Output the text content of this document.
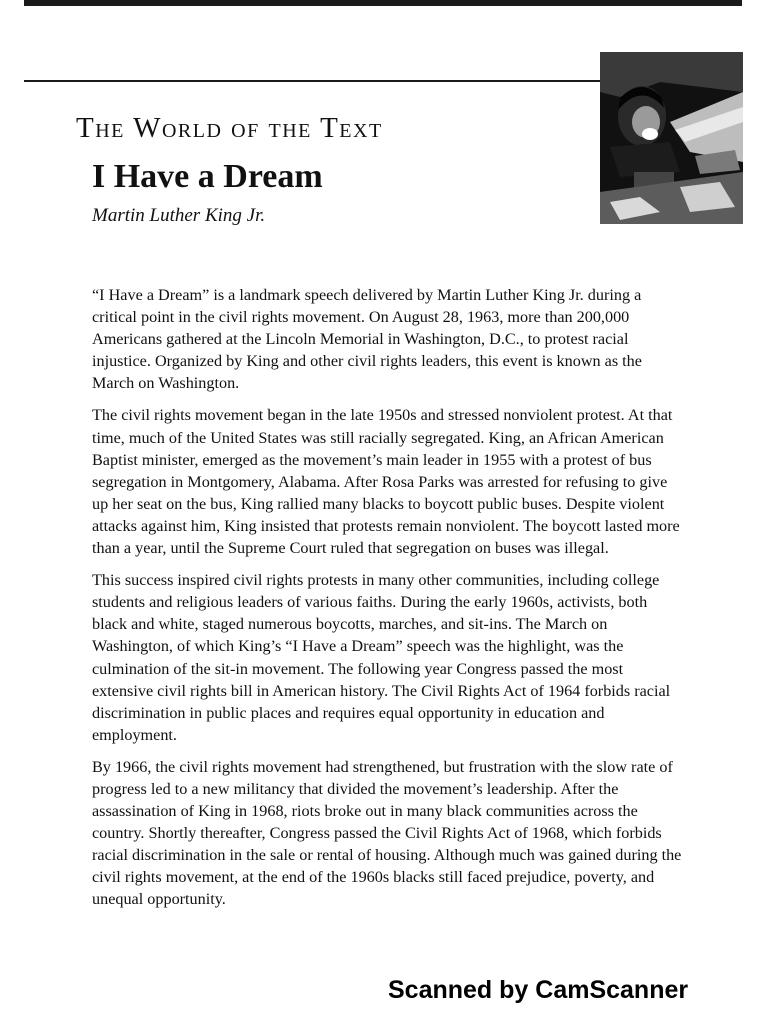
The World of the Text
I Have a Dream

Martin Luther King Jr.

“I Have a Dream” is a landmark speech delivered by Martin Luther King Jr. during a critical point in the civil rights movement. On August 28, 1963, more than 200,000 Americans gathered at the Lincoln Memorial in Washington, D.C., to protest racial injustice. Organized by King and other civil rights leaders, this event is known as the March on Washington.

The civil rights movement began in the late 1950s and stressed nonviolent protest. At that time, much of the United States was still racially segregated. King, an African American Baptist minister, emerged as the movement’s main leader in 1955 with a protest of bus segregation in Montgomery, Alabama. After Rosa Parks was arrested for refusing to give up her seat on the bus, King rallied many blacks to boycott public buses. Despite violent attacks against him, King insisted that protests remain nonviolent. The boycott lasted more than a year, until the Supreme Court ruled that segregation on buses was illegal.

This success inspired civil rights protests in many other communities, including college students and religious leaders of various faiths. During the early 1960s, activists, both black and white, staged numerous boycotts, marches, and sit-ins. The March on Washington, of which King’s “I Have a Dream” speech was the highlight, was the culmination of the sit-in movement. The following year Congress passed the most extensive civil rights bill in American history. The Civil Rights Act of 1964 forbids racial discrimination in public places and requires equal opportunity in education and employment.

By 1966, the civil rights movement had strengthened, but frustration with the slow rate of progress led to a new militancy that divided the movement’s leadership. After the assassination of King in 1968, riots broke out in many black communities across the country. Shortly thereafter, Congress passed the Civil Rights Act of 1968, which forbids racial discrimination in the sale or rental of housing. Although much was gained during the civil rights movement, at the end of the 1960s blacks still faced prejudice, poverty, and unequal opportunity.

Scanned by CamScanner
